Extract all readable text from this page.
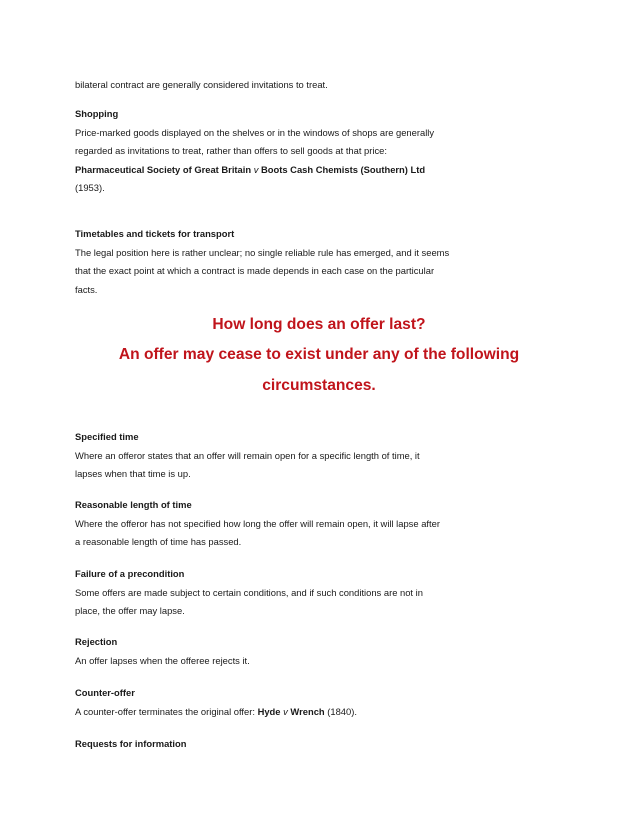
bilateral contract are generally considered invitations to treat.
Shopping
Price-marked goods displayed on the shelves or in the windows of shops are generally
regarded as invitations to treat, rather than offers to sell goods at that price:
Pharmaceutical Society of Great Britain v Boots Cash Chemists (Southern) Ltd
(1953).
Timetables and tickets for transport
The legal position here is rather unclear; no single reliable rule has emerged, and it seems
that the exact point at which a contract is made depends in each case on the particular
facts.
How long does an offer last?
An offer may cease to exist under any of the following
circumstances.
Specified time
Where an offeror states that an offer will remain open for a specific length of time, it
lapses when that time is up.
Reasonable length of time
Where the offeror has not specified how long the offer will remain open, it will lapse after
a reasonable length of time has passed.
Failure of a precondition
Some offers are made subject to certain conditions, and if such conditions are not in
place, the offer may lapse.
Rejection
An offer lapses when the offeree rejects it.
Counter-offer
A counter-offer terminates the original offer: Hyde v Wrench (1840).
Requests for information
